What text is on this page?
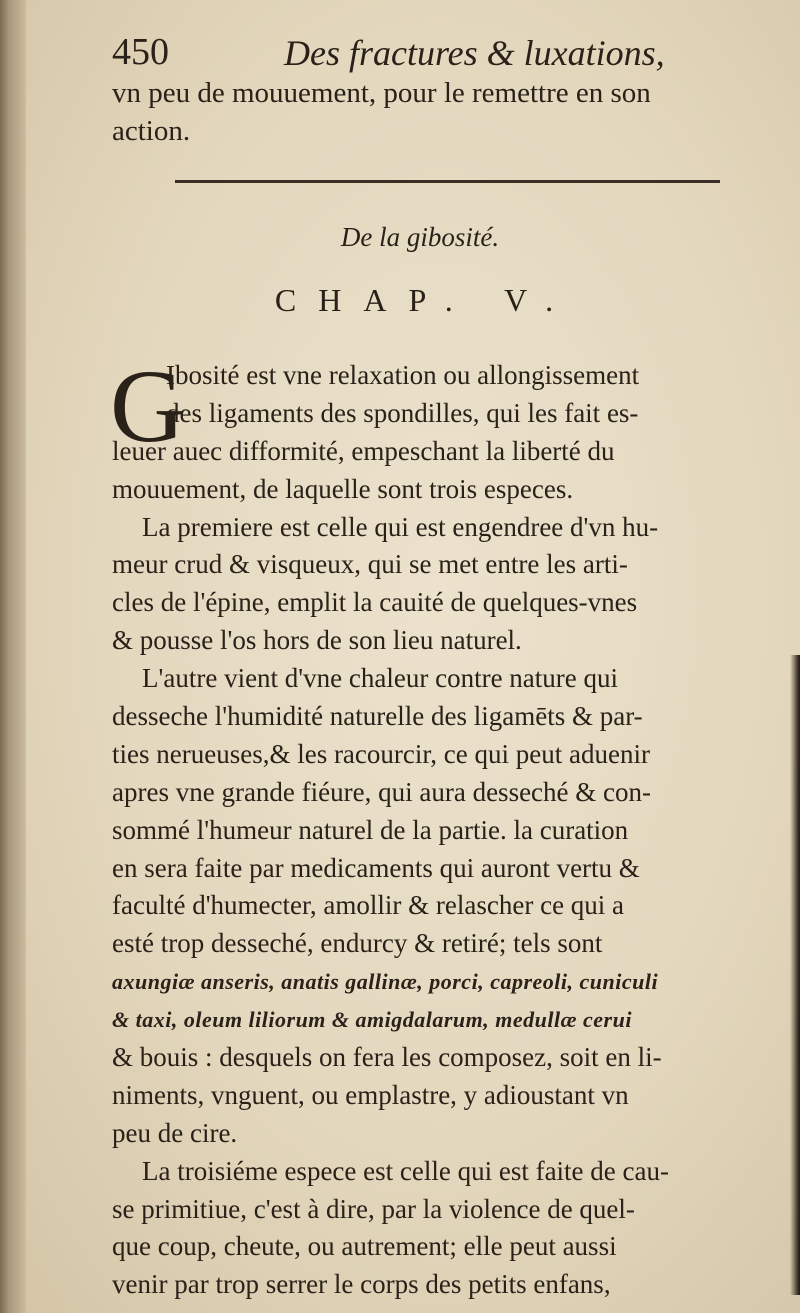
450	Des fractures & luxations,
vn peu de mouuement, pour le remettre en son
action.
De la gibosité.
CHAP. V.
G
Ibosité est vne relaxation ou allongissement
des ligaments des spondilles, qui les fait es-
leuer auec difformité, empeschant la liberté du
mouuement, de laquelle sont trois especes.
La premiere est celle qui est engendree d'vn hu-
meur crud & visqueux, qui se met entre les arti-
cles de l'épine, emplit la cauité de quelques-vnes
& pousse l'os hors de son lieu naturel.
L'autre vient d'vne chaleur contre nature qui
desseche l'humidité naturelle des ligamēts & par-
ties nerueuses,& les racourcir, ce qui peut aduenir
apres vne grande fiéure, qui aura desseché & con-
sommé l'humeur naturel de la partie. la curation
en sera faite par medicaments qui auront vertu &
faculté d'humecter, amollir & relascher ce qui a
esté trop desseché, endurcy & retiré; tels sont
axungiæ anseris, anatis gallinæ, porci, capreoli, cuniculi
& taxi, oleum liliorum & amigdalarum, medullæ cerui
& bouis : desquels on fera les composez, soit en li-
niments, vnguent, ou emplastre, y adioustant vn
peu de cire.
La troisiéme espece est celle qui est faite de cau-
se primitiue, c'est à dire, par la violence de quel-
que coup, cheute, ou autrement; elle peut aussi
venir par trop serrer le corps des petits enfans,
